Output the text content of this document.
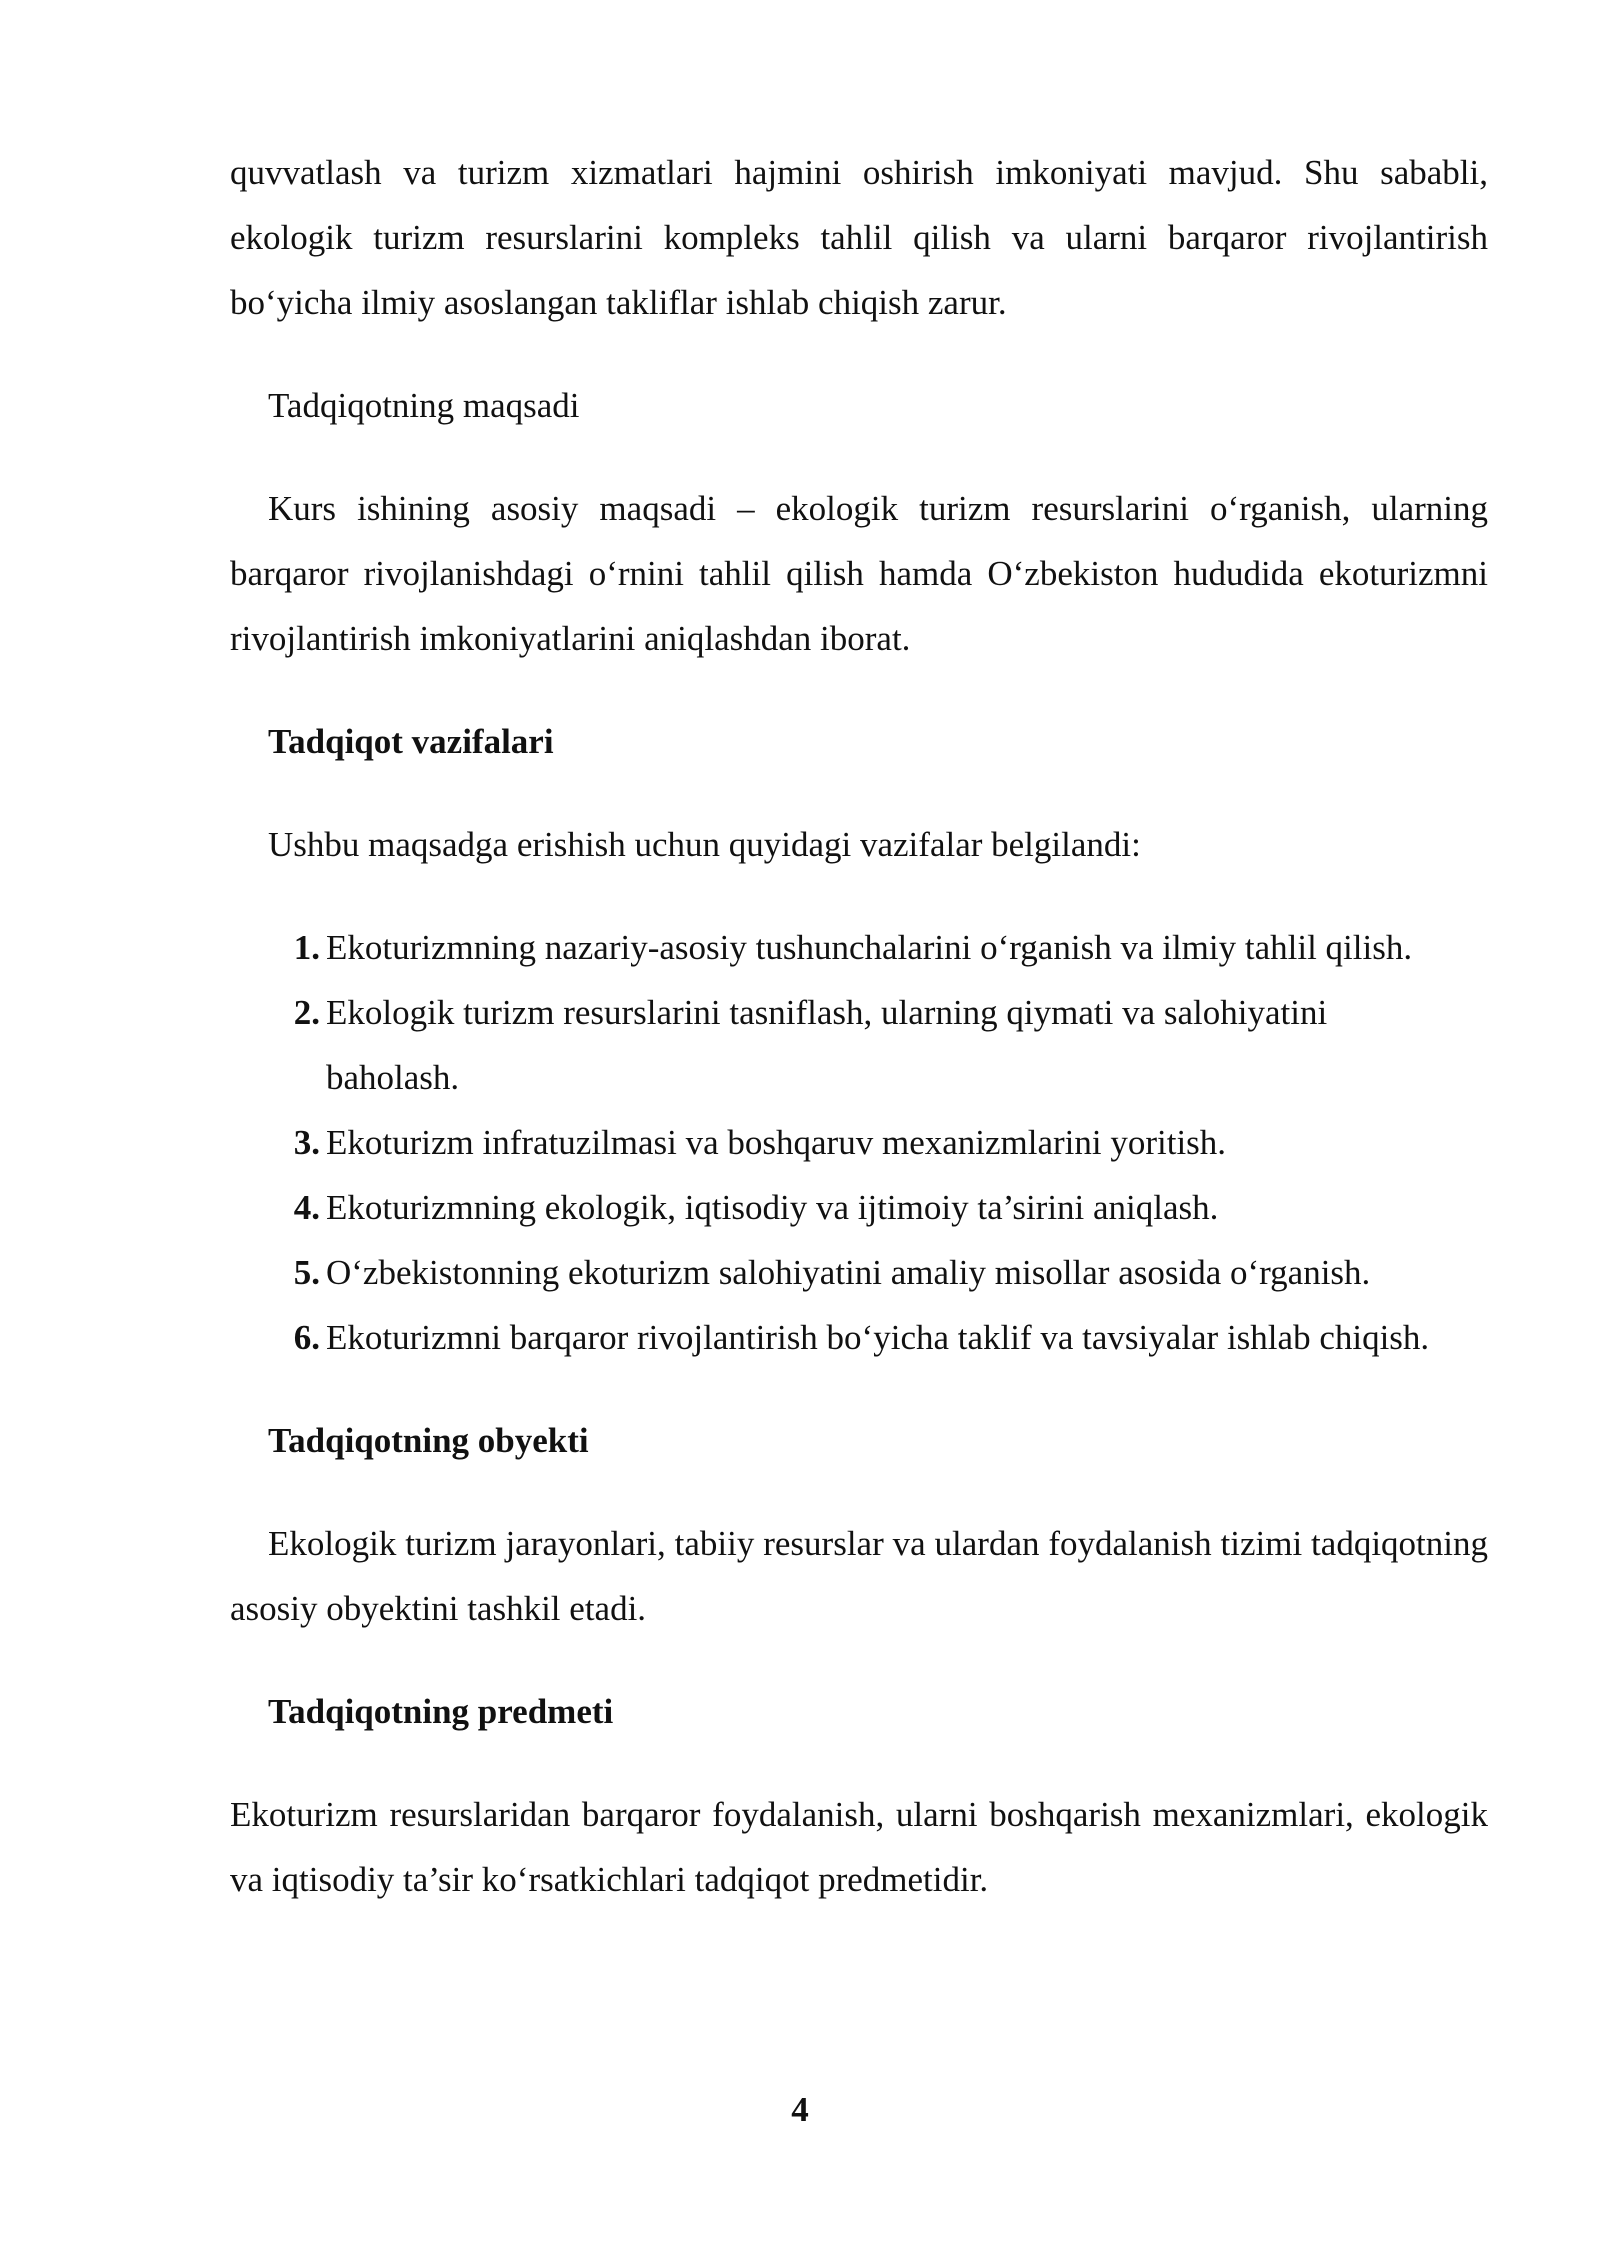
quvvatlash va turizm xizmatlari hajmini oshirish imkoniyati mavjud. Shu sababli, ekologik turizm resurslarini kompleks tahlil qilish va ularni barqaror rivojlantirish bo‘yicha ilmiy asoslangan takliflar ishlab chiqish zarur.

Tadqiqotning maqsadi

Kurs ishining asosiy maqsadi – ekologik turizm resurslarini o‘rganish, ularning barqaror rivojlanishdagi o‘rnini tahlil qilish hamda O‘zbekiston hududida ekoturizmni rivojlantirish imkoniyatlarini aniqlashdan iborat.

Tadqiqot vazifalari

Ushbu maqsadga erishish uchun quyidagi vazifalar belgilandi:

1. Ekoturizmning nazariy-asosiy tushunchalarini o‘rganish va ilmiy tahlil qilish.
2. Ekologik turizm resurslarini tasniflash, ularning qiymati va salohiyatini baholash.
3. Ekoturizm infratuzilmasi va boshqaruv mexanizmlarini yoritish.
4. Ekoturizmning ekologik, iqtisodiy va ijtimoiy ta’sirini aniqlash.
5. O‘zbekistonning ekoturizm salohiyatini amaliy misollar asosida o‘rganish.
6. Ekoturizmni barqaror rivojlantirish bo‘yicha taklif va tavsiyalar ishlab chiqish.

Tadqiqotning obyekti

Ekologik turizm jarayonlari, tabiiy resurslar va ulardan foydalanish tizimi tadqiqotning asosiy obyektini tashkil etadi.

Tadqiqotning predmeti

Ekoturizm resurslaridan barqaror foydalanish, ularni boshqarish mexanizmlari, ekologik va iqtisodiy ta’sir ko‘rsatkichlari tadqiqot predmetidir.

4
